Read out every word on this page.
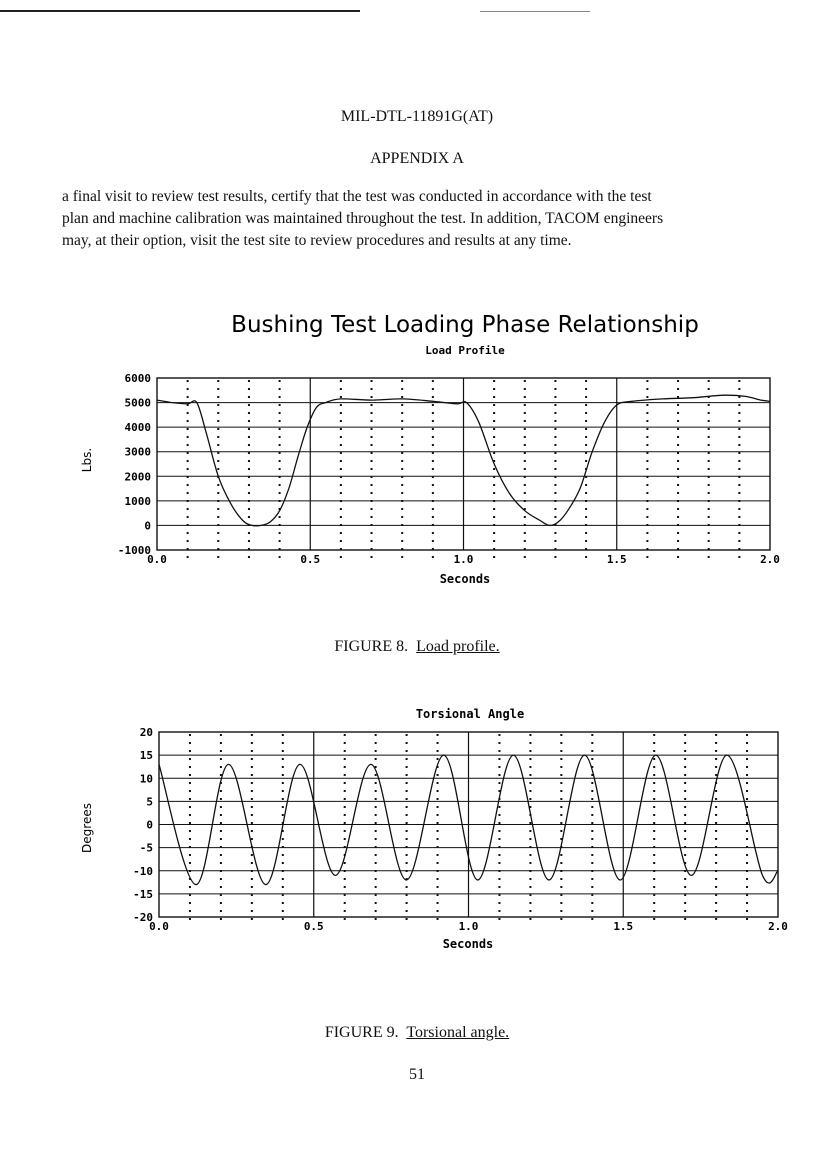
MIL-DTL-11891G(AT)
APPENDIX A

a final visit to review test results, certify that the test was conducted in accordance with the test

plan and machine calibration was maintained throughout the test. In addition, TACOM engineers

may, at their option, visit the test site to review procedures and results at any time.

Bushing Test Loading Phase Relationship
Load Profile
6000
5000
4000
3000
2000
1000
0
-1000
0.0	0.5	1.0	1.5	2.0
Seconds
Lbs.
FIGURE 8. Load profile.
Torsional Angle
20
15
10
5
0
-5
-10
-15
-20
0.0	0.5	1.0	1.5	2.0
Seconds
Degrees
FIGURE 9. Torsional angle.
51
